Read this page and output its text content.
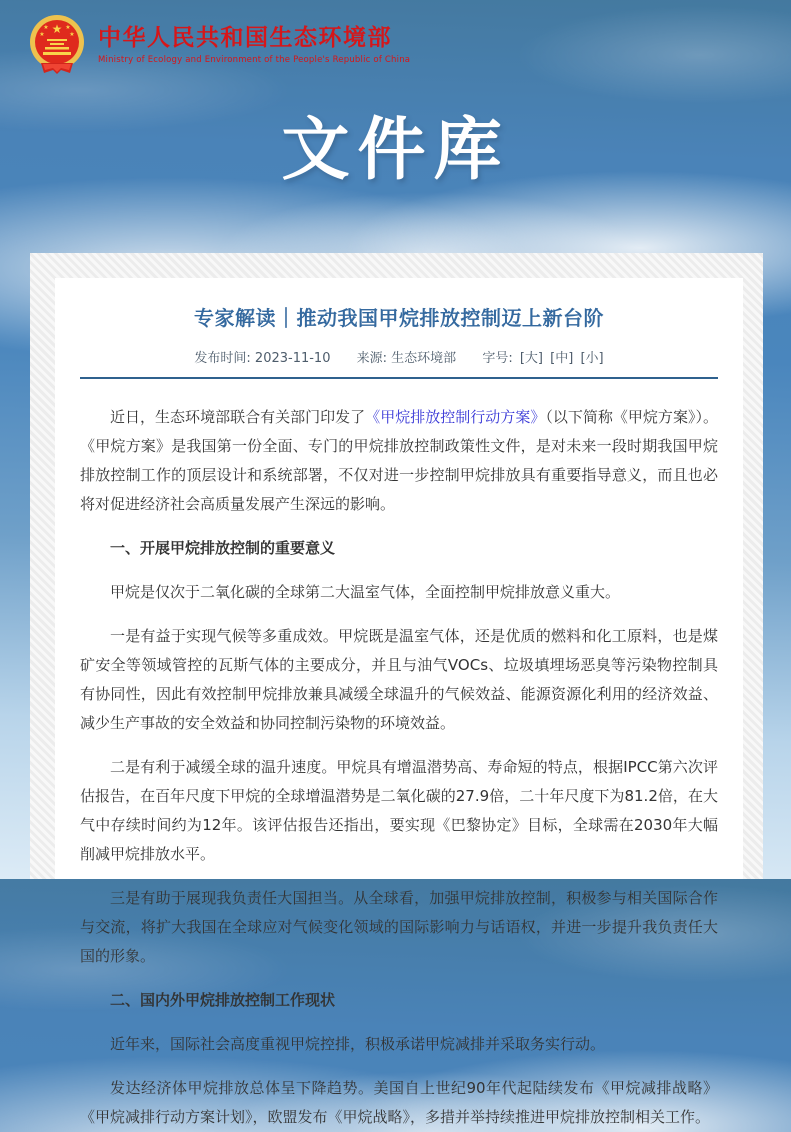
★
★	★
★	★ 中华人民共和国生态环境部
Ministry of Ecology and Environment of the People's Republic of China
文件库
专家解读｜推动我国甲烷排放控制迈上新台阶
发布时间: 2023-11-10 来源: 生态环境部 字号: [大] [中] [小]

近日，生态环境部联合有关部门印发了《甲烷排放控制行动方案》（以下简称《甲烷方案》）。《甲烷方案》是我国第一份全面、专门的甲烷排放控制政策性文件，是对未来一段时期我国甲烷排放控制工作的顶层设计和系统部署，不仅对进一步控制甲烷排放具有重要指导意义，而且也必将对促进经济社会高质量发展产生深远的影响。

一、开展甲烷排放控制的重要意义

甲烷是仅次于二氧化碳的全球第二大温室气体，全面控制甲烷排放意义重大。

一是有益于实现气候等多重成效。甲烷既是温室气体，还是优质的燃料和化工原料，也是煤矿安全等领域管控的瓦斯气体的主要成分，并且与油气VOCs、垃圾填埋场恶臭等污染物控制具有协同性，因此有效控制甲烷排放兼具减缓全球温升的气候效益、能源资源化利用的经济效益、减少生产事故的安全效益和协同控制污染物的环境效益。

二是有利于减缓全球的温升速度。甲烷具有增温潜势高、寿命短的特点，根据IPCC第六次评估报告，在百年尺度下甲烷的全球增温潜势是二氧化碳的27.9倍，二十年尺度下为81.2倍，在大气中存续时间约为12年。该评估报告还指出，要实现《巴黎协定》目标，全球需在2030年大幅削减甲烷排放水平。

三是有助于展现我负责任大国担当。从全球看，加强甲烷排放控制，积极参与相关国际合作与交流，将扩大我国在全球应对气候变化领域的国际影响力与话语权，并进一步提升我负责任大国的形象。

二、国内外甲烷排放控制工作现状

近年来，国际社会高度重视甲烷控排，积极承诺甲烷减排并采取务实行动。

发达经济体甲烷排放总体呈下降趋势。美国自上世纪90年代起陆续发布《甲烷减排战略》《甲烷减排行动方案计划》，欧盟发布《甲烷战略》，多措并举持续推进甲烷排放控制相关工作。
